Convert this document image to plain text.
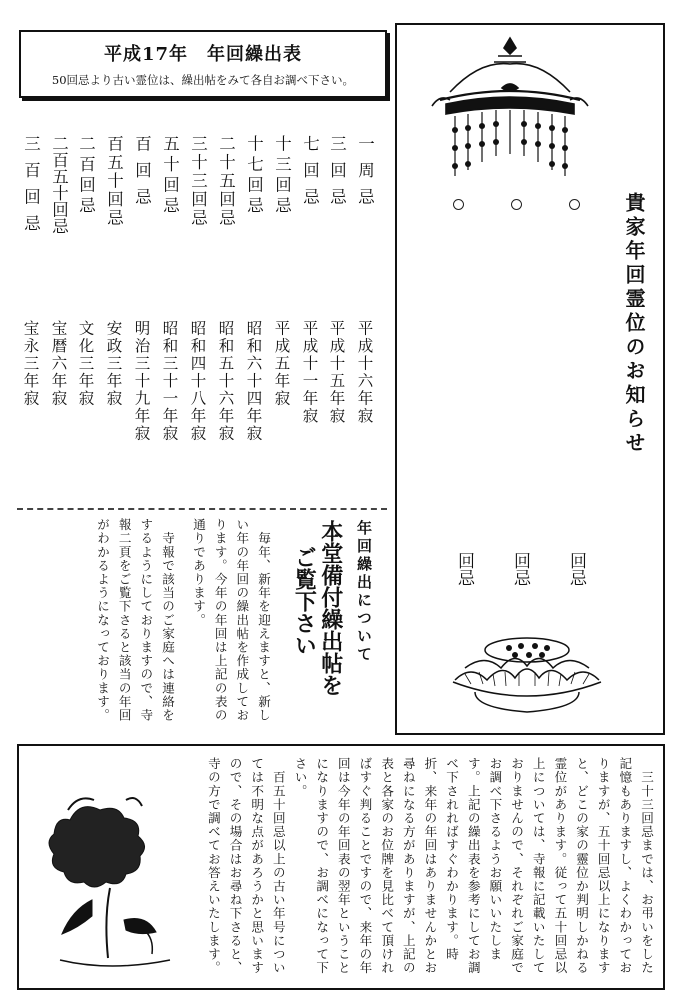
平成17年　年回繰出表
50回忌より古い霊位は、繰出帖をみて各自お調べ下さい。
一周忌
平成十六年寂
三回忌
平成十五年寂
七回忌
平成十一年寂
十三回忌
平成五年寂
十七回忌
昭和六十四年寂
二十五回忌
昭和五十六年寂
三十三回忌
昭和四十八年寂
五十回忌
昭和三十一年寂
百回忌
明治三十九年寂
百五十回忌
安政三年寂
二百回忌
文化三年寂
二百五十回忌
宝暦六年寂
三百回忌
宝永三年寂	貴家年回霊位のお知らせ
回忌 回忌 回忌
年回繰出について
本堂備付繰出帖を
ご覧下さい
　毎年、新年を迎えますと、新しい年の年回の繰出帖を作成しております。今年の年回は上記の表の通りであります。
　寺報で該当のご家庭へは連絡をするようにしておりますので、寺報二頁をご覧下さると該当の年回がわかるようになっております。
　三十三回忌までは、お弔いをした記憶もありますし、よくわかっておりますが、五十回忌以上になりますと、どこの家の靈位か判明しかねる霊位があります。従って五十回忌以上については、寺報に記載いたしておりませんので、それぞれご家庭でお調べ下さるようお願いいたします。上記の繰出表を参考にしてお調べ下されればすぐわかります。時折、来年の年回はありませんかとお尋ねになる方がありますが、上記の表と各家のお位牌を見比べて頂ければすぐ判ることですので、来年の年回は今年の年回表の翌年ということになりますので、お調べになって下さい。
　百五十回忌以上の古い年号については不明な点があろうかと思いますので、その場合はお尋ね下さると、寺の方で調べてお答えいたします。
